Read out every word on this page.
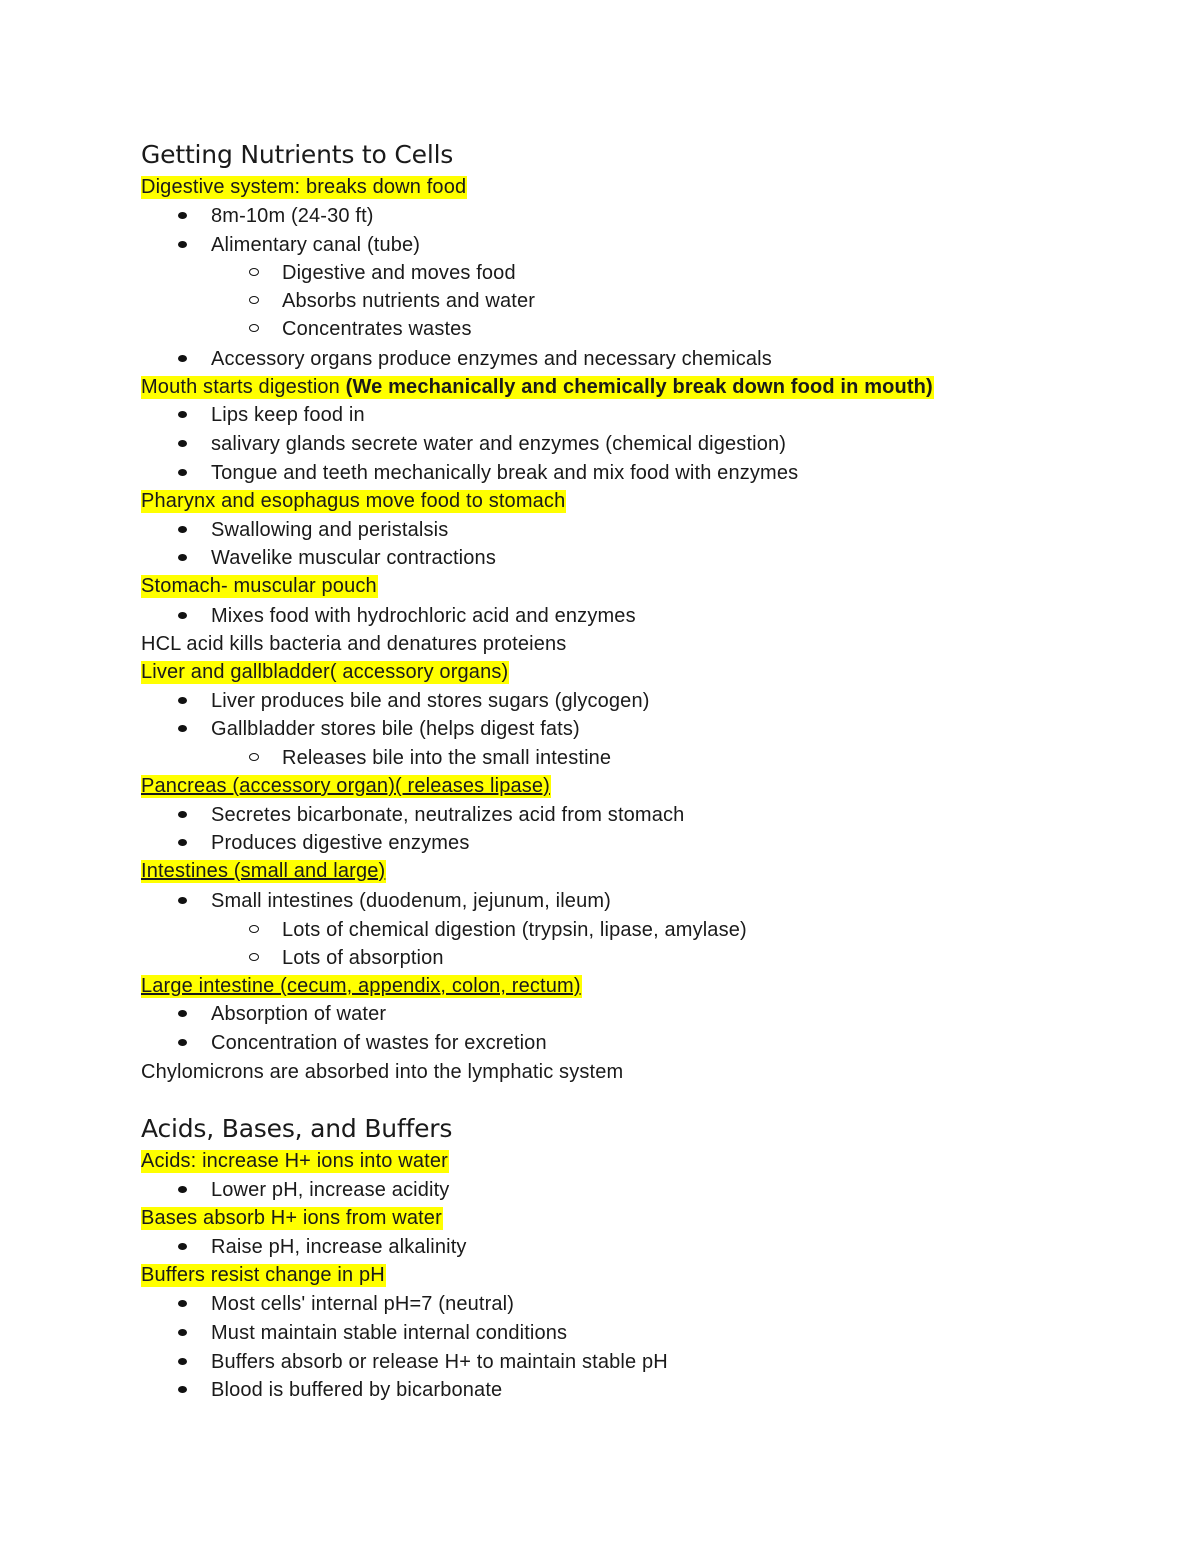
Getting Nutrients to Cells
Digestive system: breaks down food
8m-10m (24-30 ft)
Alimentary canal (tube)
Digestive and moves food
Absorbs nutrients and water
Concentrates wastes
Accessory organs produce enzymes and necessary chemicals
Mouth starts digestion (We mechanically and chemically break down food in mouth)
Lips keep food in
salivary glands secrete water and enzymes (chemical digestion)
Tongue and teeth mechanically break and mix food with enzymes
Pharynx and esophagus move food to stomach
Swallowing and peristalsis
Wavelike muscular contractions
Stomach- muscular pouch
Mixes food with hydrochloric acid and enzymes
HCL acid kills bacteria and denatures proteiens
Liver and gallbladder( accessory organs)
Liver produces bile and stores sugars (glycogen)
Gallbladder stores bile (helps digest fats)
Releases bile into the small intestine
Pancreas (accessory organ)( releases lipase)
Secretes bicarbonate, neutralizes acid from stomach
Produces digestive enzymes
Intestines (small and large)
Small intestines (duodenum, jejunum, ileum)
Lots of chemical digestion (trypsin, lipase, amylase)
Lots of absorption
Large intestine (cecum, appendix, colon, rectum)
Absorption of water
Concentration of wastes for excretion
Chylomicrons are absorbed into the lymphatic system
Acids, Bases, and Buffers
Acids: increase H+ ions into water
Lower pH, increase acidity
Bases absorb H+ ions from water
Raise pH, increase alkalinity
Buffers resist change in pH
Most cells' internal pH=7 (neutral)
Must maintain stable internal conditions
Buffers absorb or release H+ to maintain stable pH
Blood is buffered by bicarbonate
